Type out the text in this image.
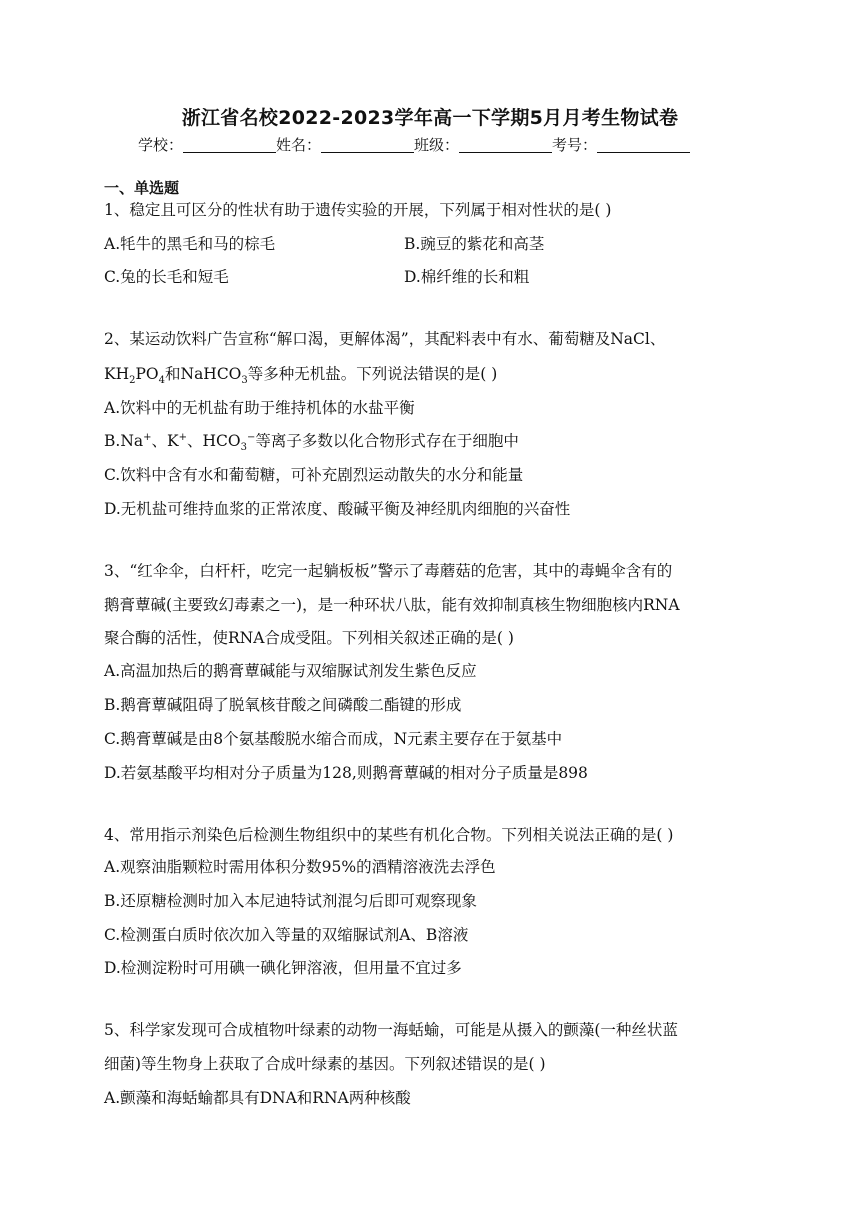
浙江省名校2022-2023学年高一下学期5月月考生物试卷
学校：	姓名：	班级：	考号：
一、单选题
1、稳定且可区分的性状有助于遗传实验的开展，下列属于相对性状的是( )
A.牦牛的黑毛和马的棕毛	B.豌豆的紫花和高茎
C.兔的长毛和短毛	D.棉纤维的长和粗
2、某运动饮料广告宣称“解口渴，更解体渴”，其配料表中有水、葡萄糖及NaCl、
$KH_2PO_4$和NaHCO$_3$等多种无机盐。下列说法错误的是( )
A.饮料中的无机盐有助于维持机体的水盐平衡
B.Na+、K+、$HCO_3^-$等离子多数以化合物形式存在于细胞中
C.饮料中含有水和葡萄糖，可补充剧烈运动散失的水分和能量
D.无机盐可维持血浆的正常浓度、酸碱平衡及神经肌肉细胞的兴奋性
3、“红伞伞，白杆杆，吃完一起躺板板”警示了毒蘑菇的危害，其中的毒蝇伞含有的
鹅膏蕈碱(主要致幻毒素之一)，是一种环状八肽，能有效抑制真核生物细胞核内RNA
聚合酶的活性，使RNA合成受阻。下列相关叙述正确的是( )
A.高温加热后的鹅膏蕈碱能与双缩脲试剂发生紫色反应
B.鹅膏蕈碱阻碍了脱氧核苷酸之间磷酸二酯键的形成
C.鹅膏蕈碱是由8个氨基酸脱水缩合而成，N元素主要存在于氨基中
D.若氨基酸平均相对分子质量为128,则鹅膏蕈碱的相对分子质量是898
4、常用指示剂染色后检测生物组织中的某些有机化合物。下列相关说法正确的是( )
A.观察油脂颗粒时需用体积分数95%的酒精溶液洗去浮色
B.还原糖检测时加入本尼迪特试剂混匀后即可观察现象
C.检测蛋白质时依次加入等量的双缩脲试剂A、B溶液
D.检测淀粉时可用碘一碘化钾溶液，但用量不宜过多
5、科学家发现可合成植物叶绿素的动物一海蛞蝓，可能是从摄入的颤藻(一种丝状蓝
细菌)等生物身上获取了合成叶绿素的基因。下列叙述错误的是( )
A.颤藻和海蛞蝓都具有DNA和RNA两种核酸
